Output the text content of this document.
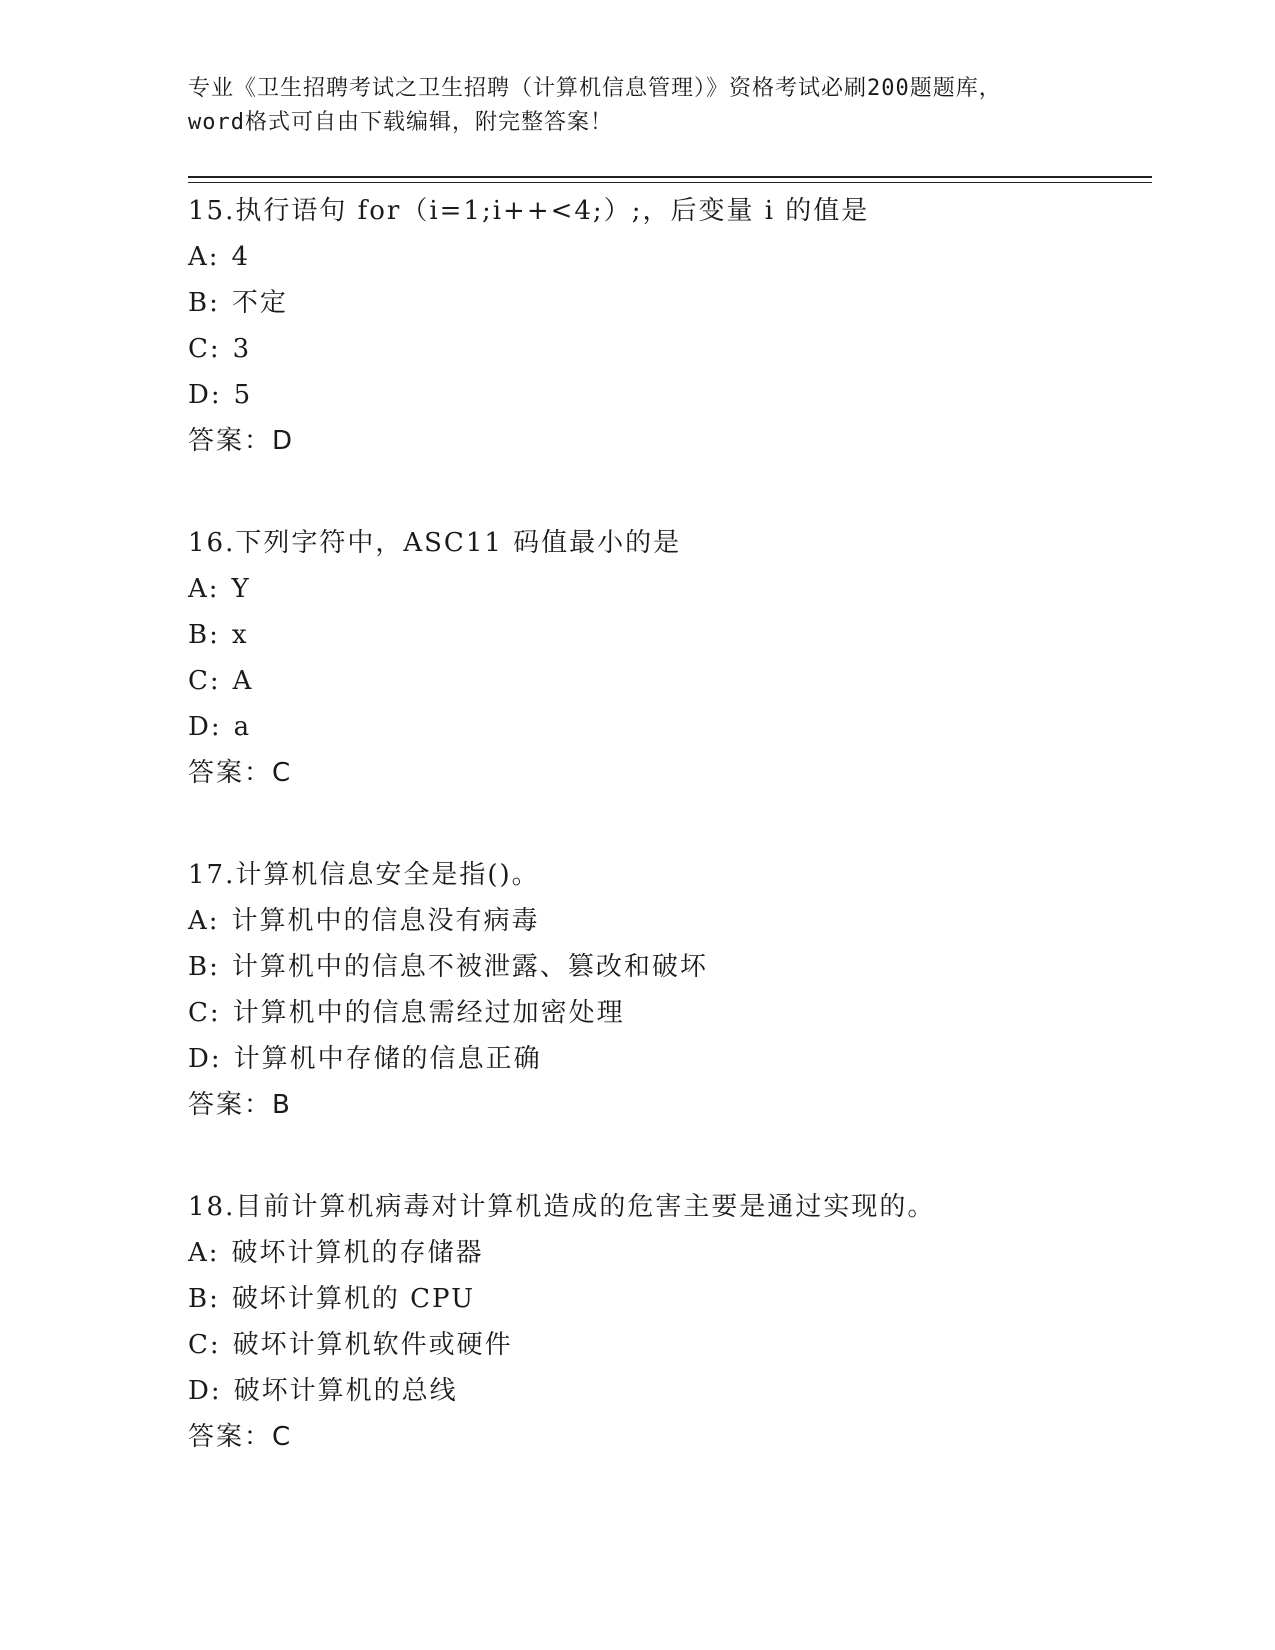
专业《卫生招聘考试之卫生招聘（计算机信息管理）》资格考试必刷200题题库，
word格式可自由下载编辑，附完整答案！
15.执行语句 for（i=1;i++<4;）;，后变量 i 的值是
A: 4
B: 不定
C: 3
D: 5
答案：D
16.下列字符中，ASC11 码值最小的是
A: Y
B: x
C: A
D: a
答案：C
17.计算机信息安全是指()。
A: 计算机中的信息没有病毒
B: 计算机中的信息不被泄露、篡改和破坏
C: 计算机中的信息需经过加密处理
D: 计算机中存储的信息正确
答案：B
18.目前计算机病毒对计算机造成的危害主要是通过实现的。
A: 破坏计算机的存储器
B: 破坏计算机的 CPU
C: 破坏计算机软件或硬件
D: 破坏计算机的总线
答案：C
